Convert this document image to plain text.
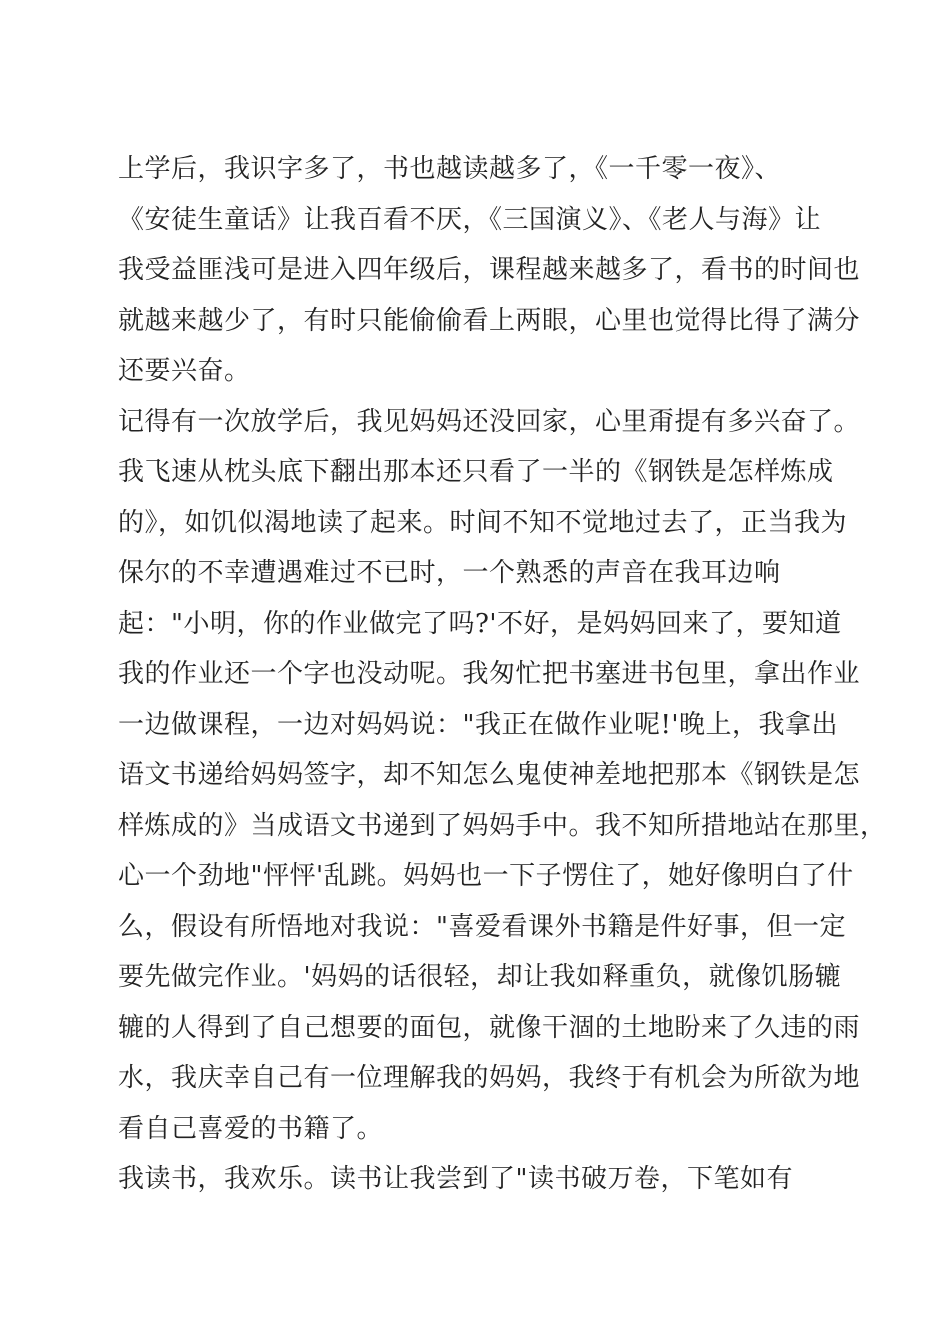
上学后，我识字多了，书也越读越多了，《一千零一夜》、
《安徒生童话》让我百看不厌，《三国演义》、《老人与海》让
我受益匪浅可是进入四年级后，课程越来越多了，看书的时间也
就越来越少了，有时只能偷偷看上两眼，心里也觉得比得了满分
还要兴奋。
记得有一次放学后，我见妈妈还没回家，心里甭提有多兴奋了。
我飞速从枕头底下翻出那本还只看了一半的《钢铁是怎样炼成
的》，如饥似渴地读了起来。时间不知不觉地过去了，正当我为
保尔的不幸遭遇难过不已时，一个熟悉的声音在我耳边响
起："小明，你的作业做完了吗?'不好，是妈妈回来了，要知道
我的作业还一个字也没动呢。我匆忙把书塞进书包里，拿出作业
一边做课程，一边对妈妈说："我正在做作业呢!'晚上，我拿出
语文书递给妈妈签字，却不知怎么鬼使神差地把那本《钢铁是怎
样炼成的》当成语文书递到了妈妈手中。我不知所措地站在那里，
心一个劲地"怦怦'乱跳。妈妈也一下子愣住了，她好像明白了什
么，假设有所悟地对我说："喜爱看课外书籍是件好事，但一定
要先做完作业。'妈妈的话很轻，却让我如释重负，就像饥肠辘
辘的人得到了自己想要的面包，就像干涸的土地盼来了久违的雨
水，我庆幸自己有一位理解我的妈妈，我终于有机会为所欲为地
看自己喜爱的书籍了。
我读书，我欢乐。读书让我尝到了"读书破万卷，下笔如有
